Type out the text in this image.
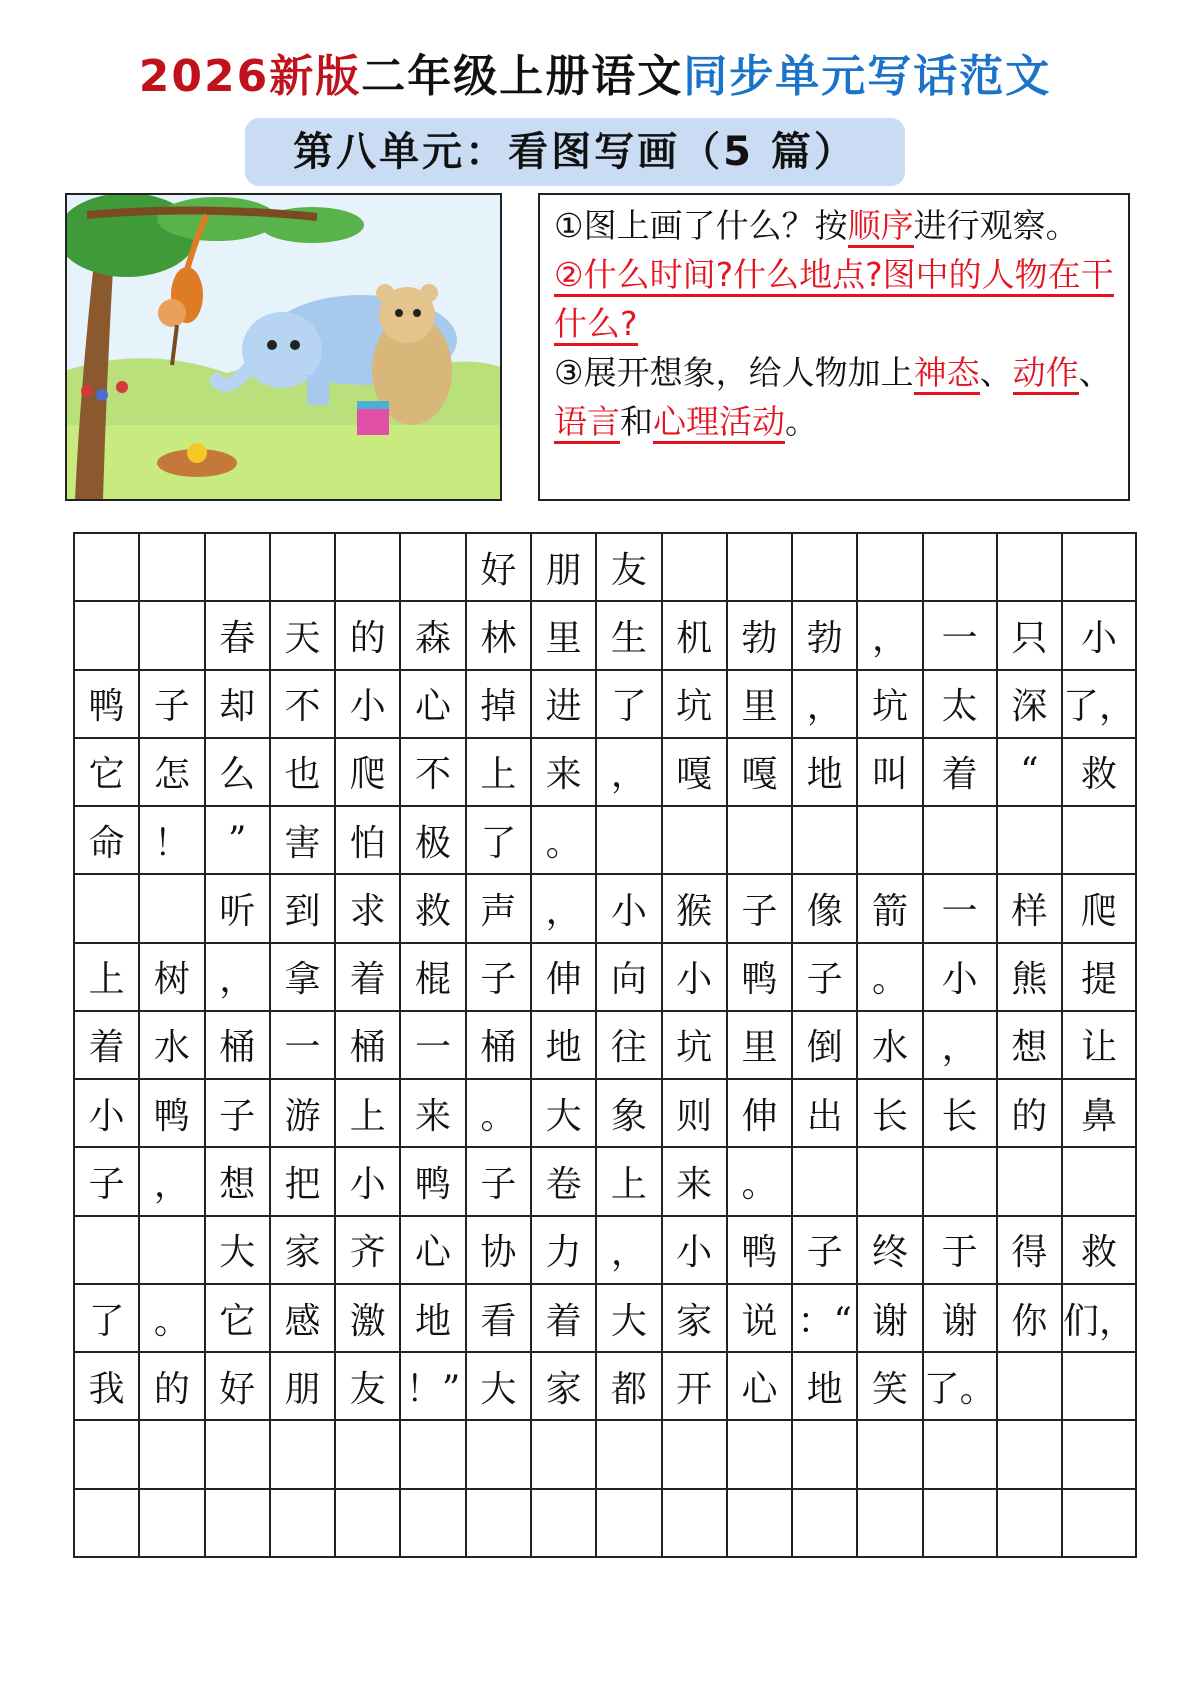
2026新版二年级上册语文同步单元写话范文
第八单元：看图写画（5 篇）

①图上画了什么？按顺序进行观察。

②什么时间?什么地点?图中的人物在干什么?

③展开想象，给人物加上神态、动作、语言和心理活动。

好 朋 友
春 天 的 森 林 里 生 机 勃 勃 ， 一 只 小
鸭 子 却 不 小 心 掉 进 了 坑 里 ， 坑 太 深 了，
它 怎 么 也 爬 不 上 来 ， 嘎 嘎 地 叫 着	“	救
命 ！	”	害 怕 极 了 。
听 到 求 救 声 ， 小 猴 子 像 箭 一 样 爬
上 树 ， 拿 着 棍 子 伸 向 小 鸭 子 。 小 熊 提
着 水 桶 一 桶 一 桶 地 往 坑 里 倒 水 ， 想 让
小 鸭 子 游 上 来 。 大 象 则 伸 出 长 长 的 鼻
子 ， 想 把 小 鸭 子 卷 上 来 。
大 家 齐 心 协 力 ， 小 鸭 子 终 于 得 救
了 。 它 感 激 地 看 着 大 家 说 ：“ 谢 谢 你 们，
我 的 好 朋 友 ！” 大 家 都 开 心 地 笑 了。
